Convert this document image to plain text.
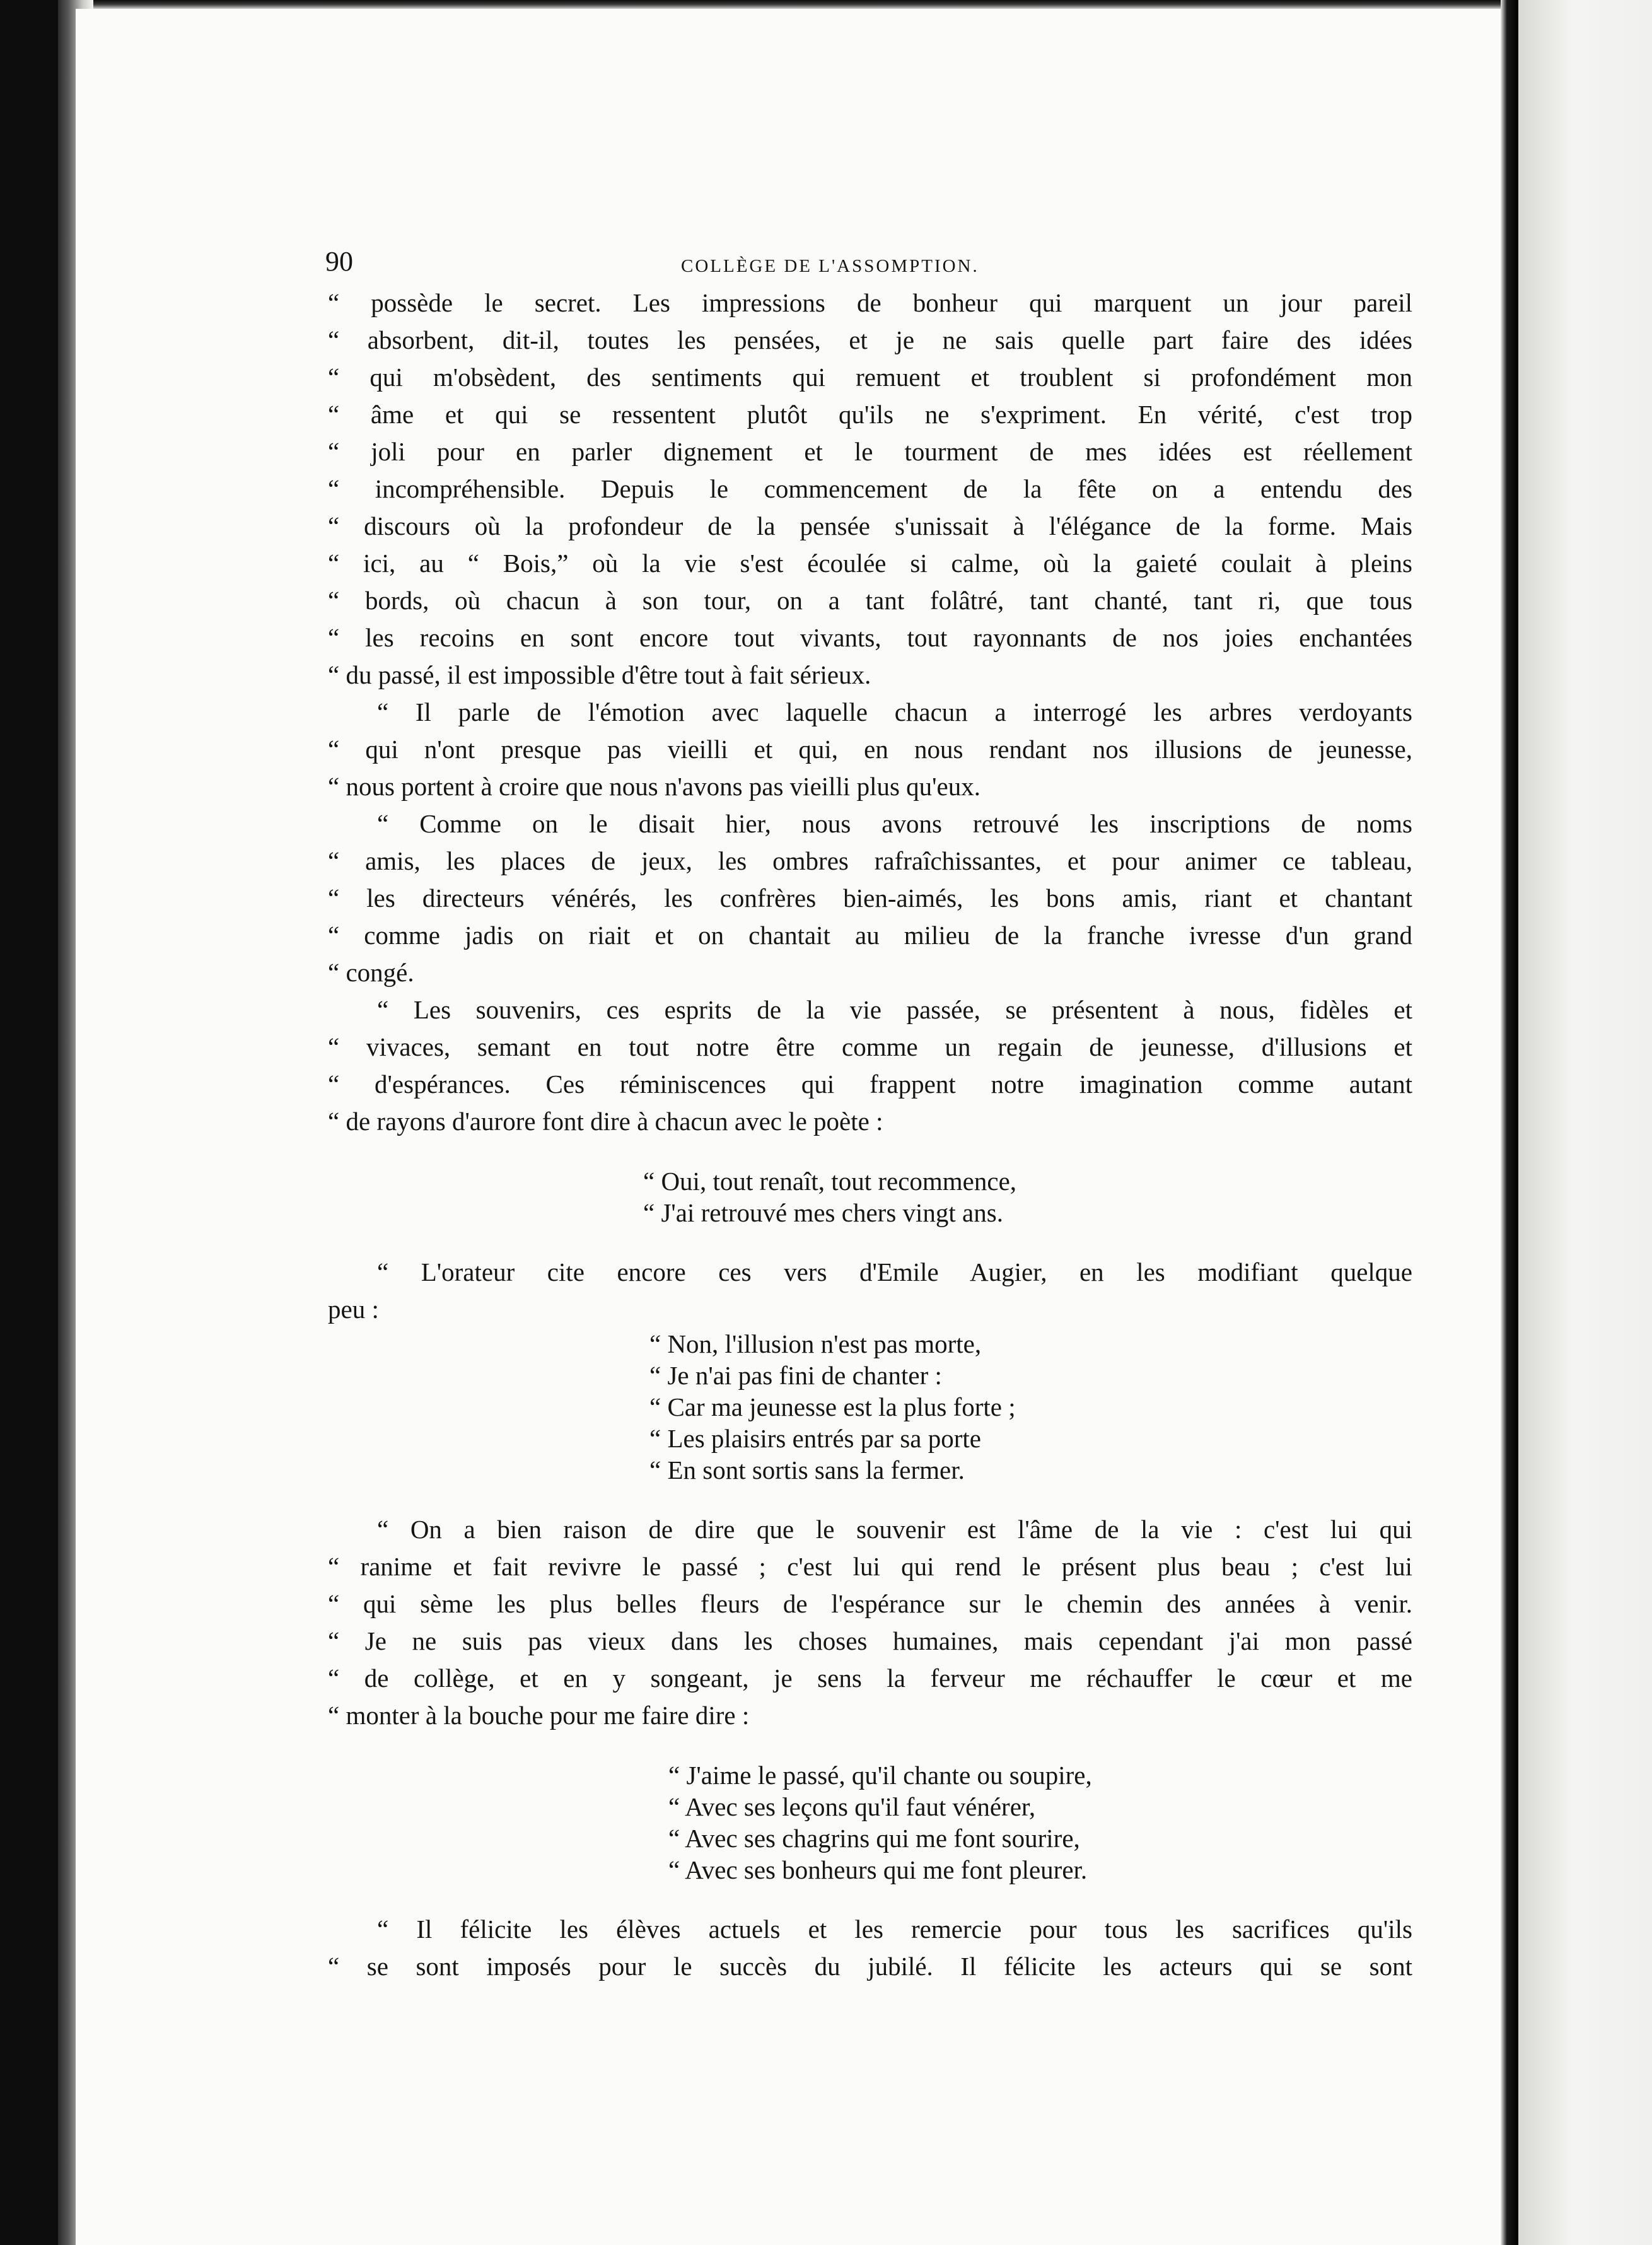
90	COLLÈGE DE L'ASSOMPTION.
“ possède le secret. Les impressions de bonheur qui marquent un jour pareil
“ absorbent, dit-il, toutes les pensées, et je ne sais quelle part faire des idées
“ qui m'obsèdent, des sentiments qui remuent et troublent si profondément mon
“ âme et qui se ressentent plutôt qu'ils ne s'expriment. En vérité, c'est trop
“ joli pour en parler dignement et le tourment de mes idées est réellement
“ incompréhensible. Depuis le commencement de la fête on a entendu des
“ discours où la profondeur de la pensée s'unissait à l'élégance de la forme. Mais
“ ici, au “ Bois,” où la vie s'est écoulée si calme, où la gaieté coulait à pleins
“ bords, où chacun à son tour, on a tant folâtré, tant chanté, tant ri, que tous
“ les recoins en sont encore tout vivants, tout rayonnants de nos joies enchantées
“ du passé, il est impossible d'être tout à fait sérieux.
“ Il parle de l'émotion avec laquelle chacun a interrogé les arbres verdoyants
“ qui n'ont presque pas vieilli et qui, en nous rendant nos illusions de jeunesse,
“ nous portent à croire que nous n'avons pas vieilli plus qu'eux.
“ Comme on le disait hier, nous avons retrouvé les inscriptions de noms
“ amis, les places de jeux, les ombres rafraîchissantes, et pour animer ce tableau,
“ les directeurs vénérés, les confrères bien-aimés, les bons amis, riant et chantant
“ comme jadis on riait et on chantait au milieu de la franche ivresse d'un grand
“ congé.
“ Les souvenirs, ces esprits de la vie passée, se présentent à nous, fidèles et
“ vivaces, semant en tout notre être comme un regain de jeunesse, d'illusions et
“ d'espérances. Ces réminiscences qui frappent notre imagination comme autant
“ de rayons d'aurore font dire à chacun avec le poète :
“ Oui, tout renaît, tout recommence,
“ J'ai retrouvé mes chers vingt ans.
“ L'orateur cite encore ces vers d'Emile Augier, en les modifiant quelque
peu :
“ Non, l'illusion n'est pas morte,
“ Je n'ai pas fini de chanter :
“ Car ma jeunesse est la plus forte ;
“ Les plaisirs entrés par sa porte
“ En sont sortis sans la fermer.
“ On a bien raison de dire que le souvenir est l'âme de la vie : c'est lui qui
“ ranime et fait revivre le passé ; c'est lui qui rend le présent plus beau ; c'est lui
“ qui sème les plus belles fleurs de l'espérance sur le chemin des années à venir.
“ Je ne suis pas vieux dans les choses humaines, mais cependant j'ai mon passé
“ de collège, et en y songeant, je sens la ferveur me réchauffer le cœur et me
“ monter à la bouche pour me faire dire :
“ J'aime le passé, qu'il chante ou soupire,
“ Avec ses leçons qu'il faut vénérer,
“ Avec ses chagrins qui me font sourire,
“ Avec ses bonheurs qui me font pleurer.
“ Il félicite les élèves actuels et les remercie pour tous les sacrifices qu'ils
“ se sont imposés pour le succès du jubilé. Il félicite les acteurs qui se sont
